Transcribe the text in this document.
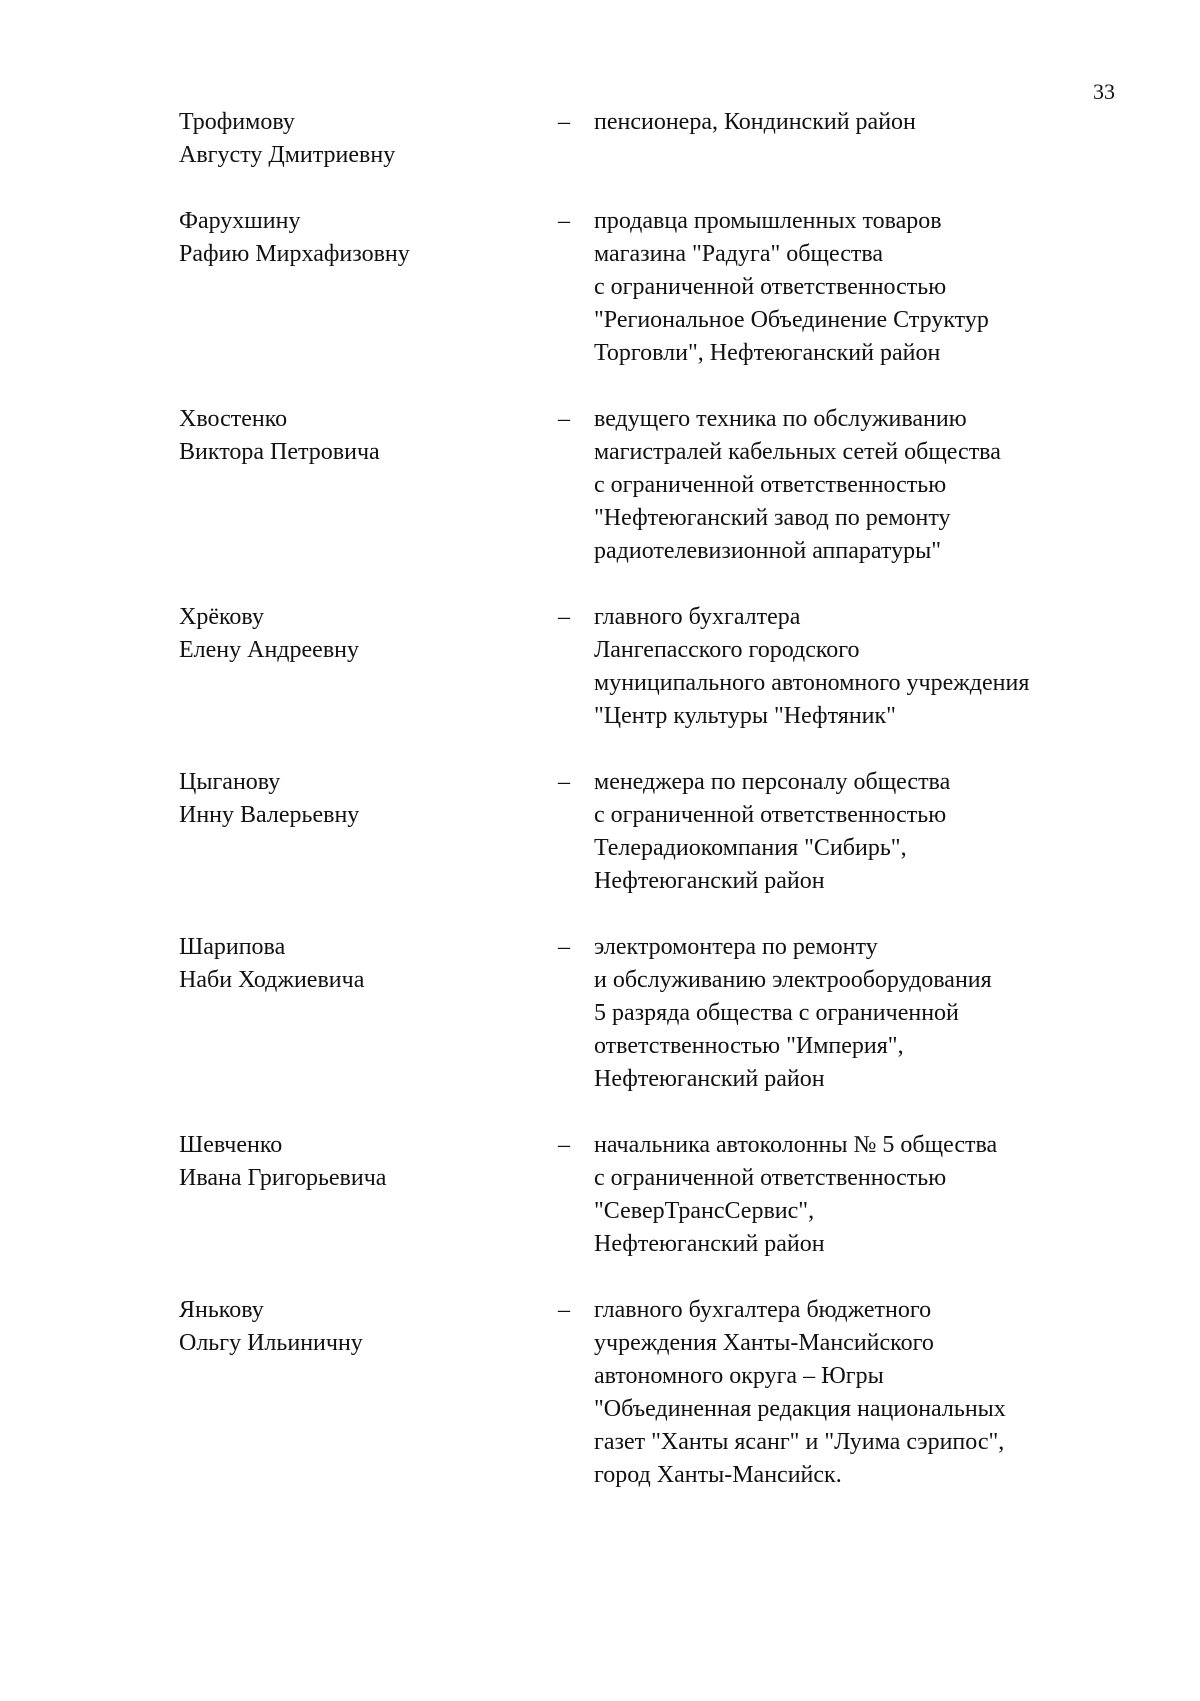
33
Трофимову
Августу Дмитриевну
–	пенсионера, Кондинский район
Фарухшину
Рафию Мирхафизовну
–	продавца промышленных товаров
магазина "Радуга" общества
с ограниченной ответственностью
"Региональное Объединение Структур
Торговли", Нефтеюганский район
Хвостенко
Виктора Петровича
–	ведущего техника по обслуживанию
магистралей кабельных сетей общества
с ограниченной ответственностью
"Нефтеюганский завод по ремонту
радиотелевизионной аппаратуры"
Хрёкову
Елену Андреевну
–	главного бухгалтера
Лангепасского городского
муниципального автономного учреждения
"Центр культуры "Нефтяник"
Цыганову
Инну Валерьевну
–	менеджера по персоналу общества
с ограниченной ответственностью
Телерадиокомпания "Сибирь",
Нефтеюганский район
Шарипова
Наби Ходжиевича
–	электромонтера по ремонту
и обслуживанию электрооборудования
5 разряда общества с ограниченной
ответственностью "Империя",
Нефтеюганский район
Шевченко
Ивана Григорьевича
–	начальника автоколонны № 5 общества
с ограниченной ответственностью
"СеверТрансСервис",
Нефтеюганский район
Янькову
Ольгу Ильиничну
–	главного бухгалтера бюджетного
учреждения Ханты-Мансийского
автономного округа – Югры
"Объединенная редакция национальных
газет "Ханты ясанг" и "Луима сэрипос",
город Ханты-Мансийск.
